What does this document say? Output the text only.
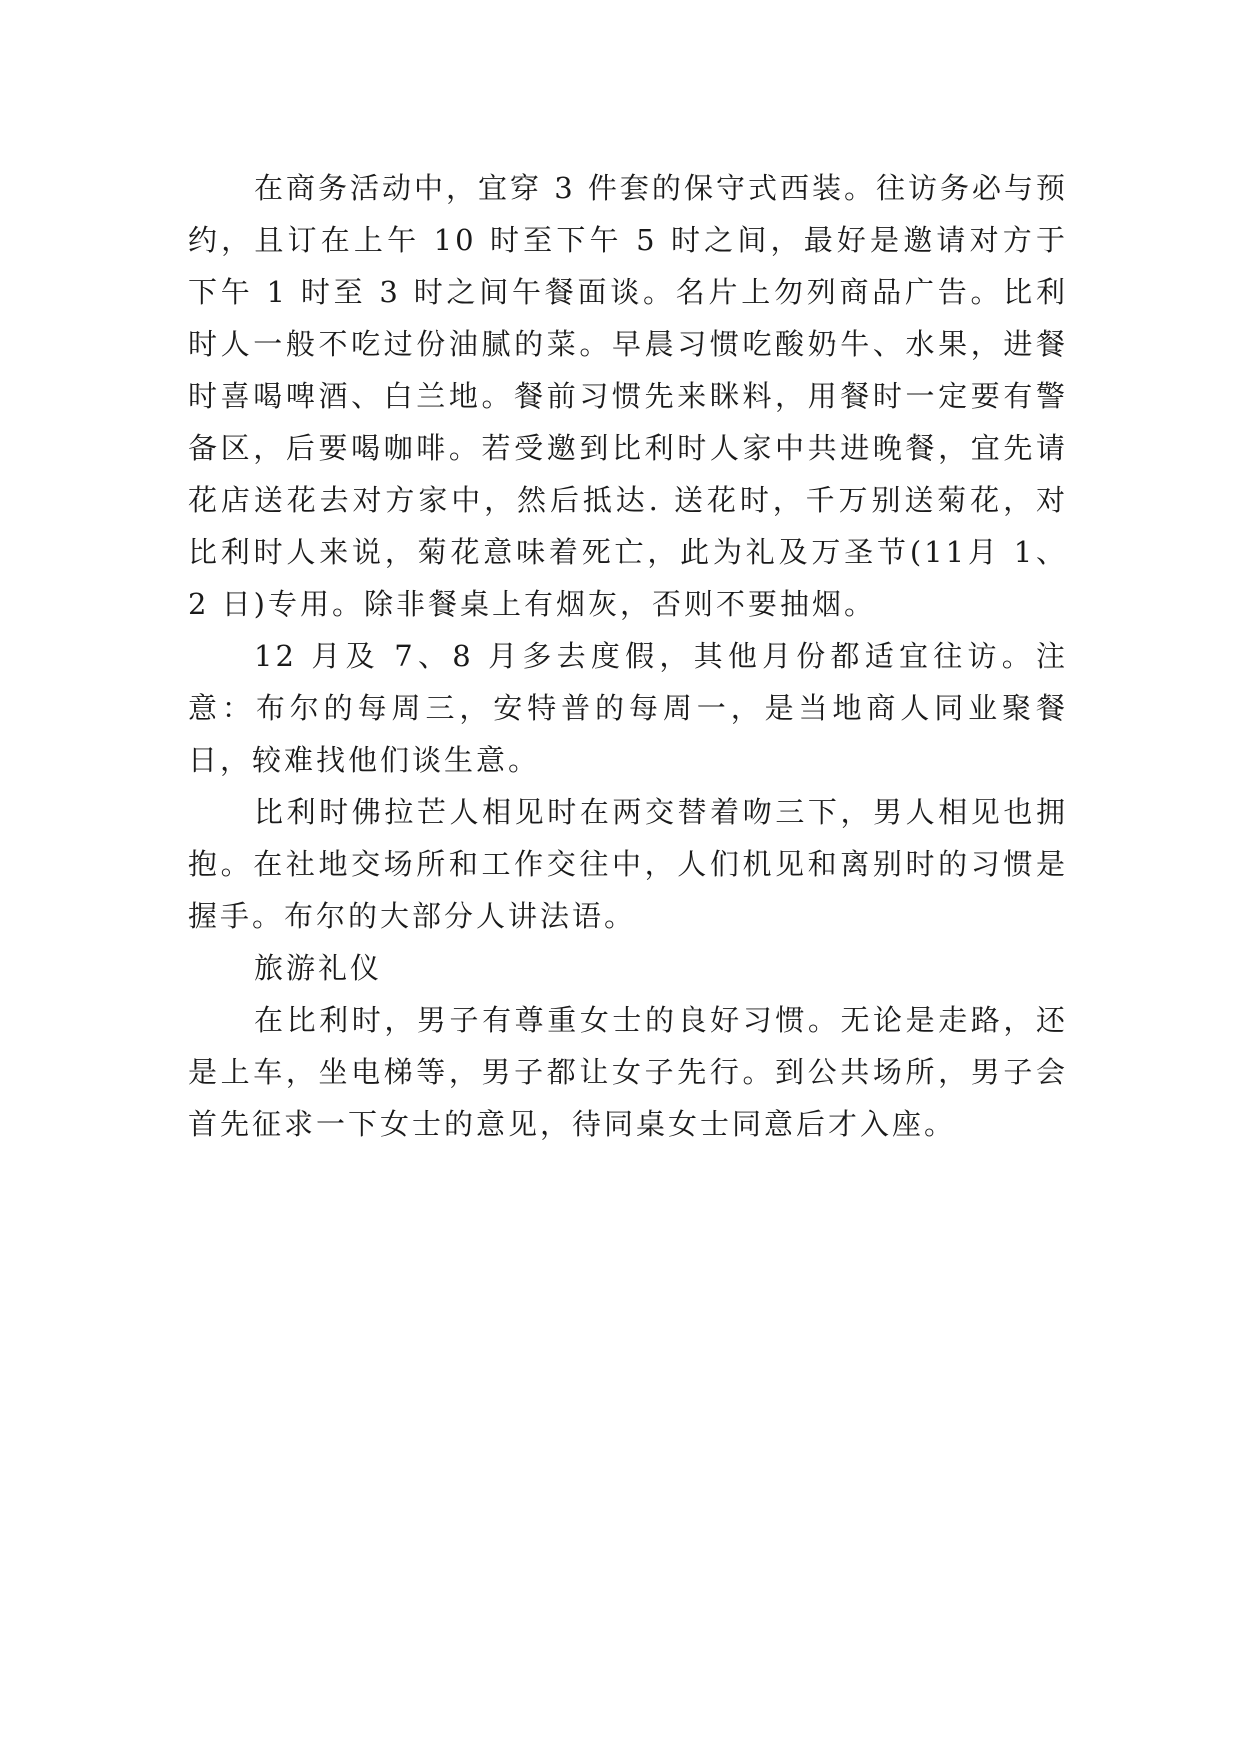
在商务活动中，宜穿 3 件套的保守式西装。往访务必与预约，且订在上午 10 时至下午 5 时之间，最好是邀请对方于下午 1 时至 3 时之间午餐面谈。名片上勿列商品广告。比利时人一般不吃过份油腻的菜。早晨习惯吃酸奶牛、水果，进餐时喜喝啤酒、白兰地。餐前习惯先来眯料，用餐时一定要有警备区，后要喝咖啡。若受邀到比利时人家中共进晚餐，宜先请花店送花去对方家中，然后抵达. 送花时，千万别送菊花，对比利时人来说，菊花意味着死亡，此为礼及万圣节(11月 1、2 日)专用。除非餐桌上有烟灰，否则不要抽烟。

12 月及 7、8 月多去度假，其他月份都适宜往访。注意：布尔的每周三，安特普的每周一，是当地商人同业聚餐日，较难找他们谈生意。

比利时佛拉芒人相见时在两交替着吻三下，男人相见也拥抱。在社地交场所和工作交往中，人们机见和离别时的习惯是握手。布尔的大部分人讲法语。

旅游礼仪

在比利时，男子有尊重女士的良好习惯。无论是走路，还是上车，坐电梯等，男子都让女子先行。到公共场所，男子会首先征求一下女士的意见，待同桌女士同意后才入座。
